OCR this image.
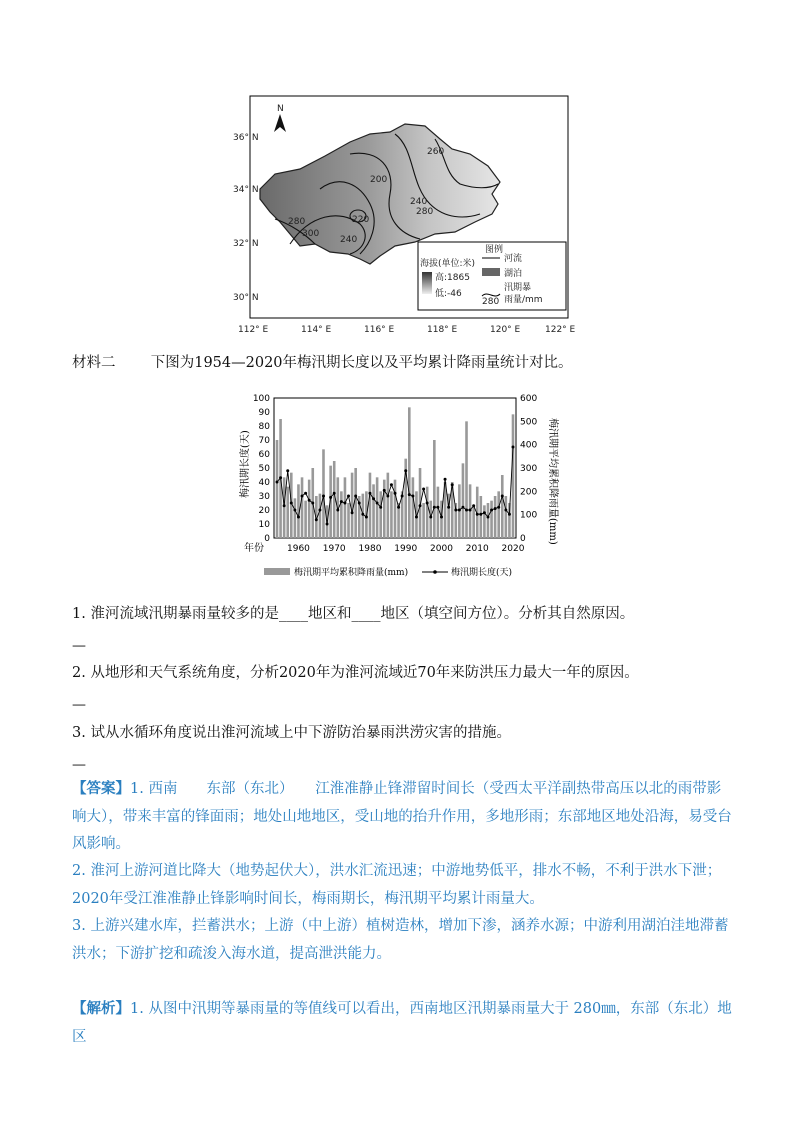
260
200
240
280
220
280
300
240
N
36° N
34° N
32° N
30° N
112° E	114° E	116° E	118° E	120° E	122° E
图例
海拔(单位:米)
高:1865
低:-46
河流
湖泊
280
汛期暴
雨量/mm
材料二 下图为1954—2020年梅汛期长度以及平均累计降雨量统计对比。
0
10
20
30
40
50
60
70
80
90
100
0
100
200
300
400
500
600
1960 1970 1980 1990 2000 2010 2020
年份
梅汛期长度(天)	梅汛期平均累积降雨量(mm)
梅汛期平均累积降雨量(mm)	梅汛期长度(天)
1. 淮河流域汛期暴雨量较多的是____地区和____地区（填空间方位）。分析其自然原因。
—
2. 从地形和天气系统角度，分析2020年为淮河流域近70年来防洪压力最大一年的原因。
—
3. 试从水循环角度说出淮河流域上中下游防治暴雨洪涝灾害的措施。
—
【答案】1. 西南　　东部（东北）　　江淮准静止锋滞留时间长（受西太平洋副热带高压以北的雨带影响大），带来丰富的锋面雨；地处山地地区，受山地的抬升作用，多地形雨；东部地区地处沿海，易受台风影响。
2. 淮河上游河道比降大（地势起伏大），洪水汇流迅速；中游地势低平，排水不畅，不利于洪水下泄；2020年受江淮准静止锋影响时间长，梅雨期长，梅汛期平均累计雨量大。
3. 上游兴建水库，拦蓄洪水；上游（中上游）植树造林，增加下渗，涵养水源；中游利用湖泊洼地滞蓄洪水；下游扩挖和疏浚入海水道，提高泄洪能力。
【解析】1. 从图中汛期等暴雨量的等值线可以看出，西南地区汛期暴雨量大于 280㎜，东部（东北）地区
